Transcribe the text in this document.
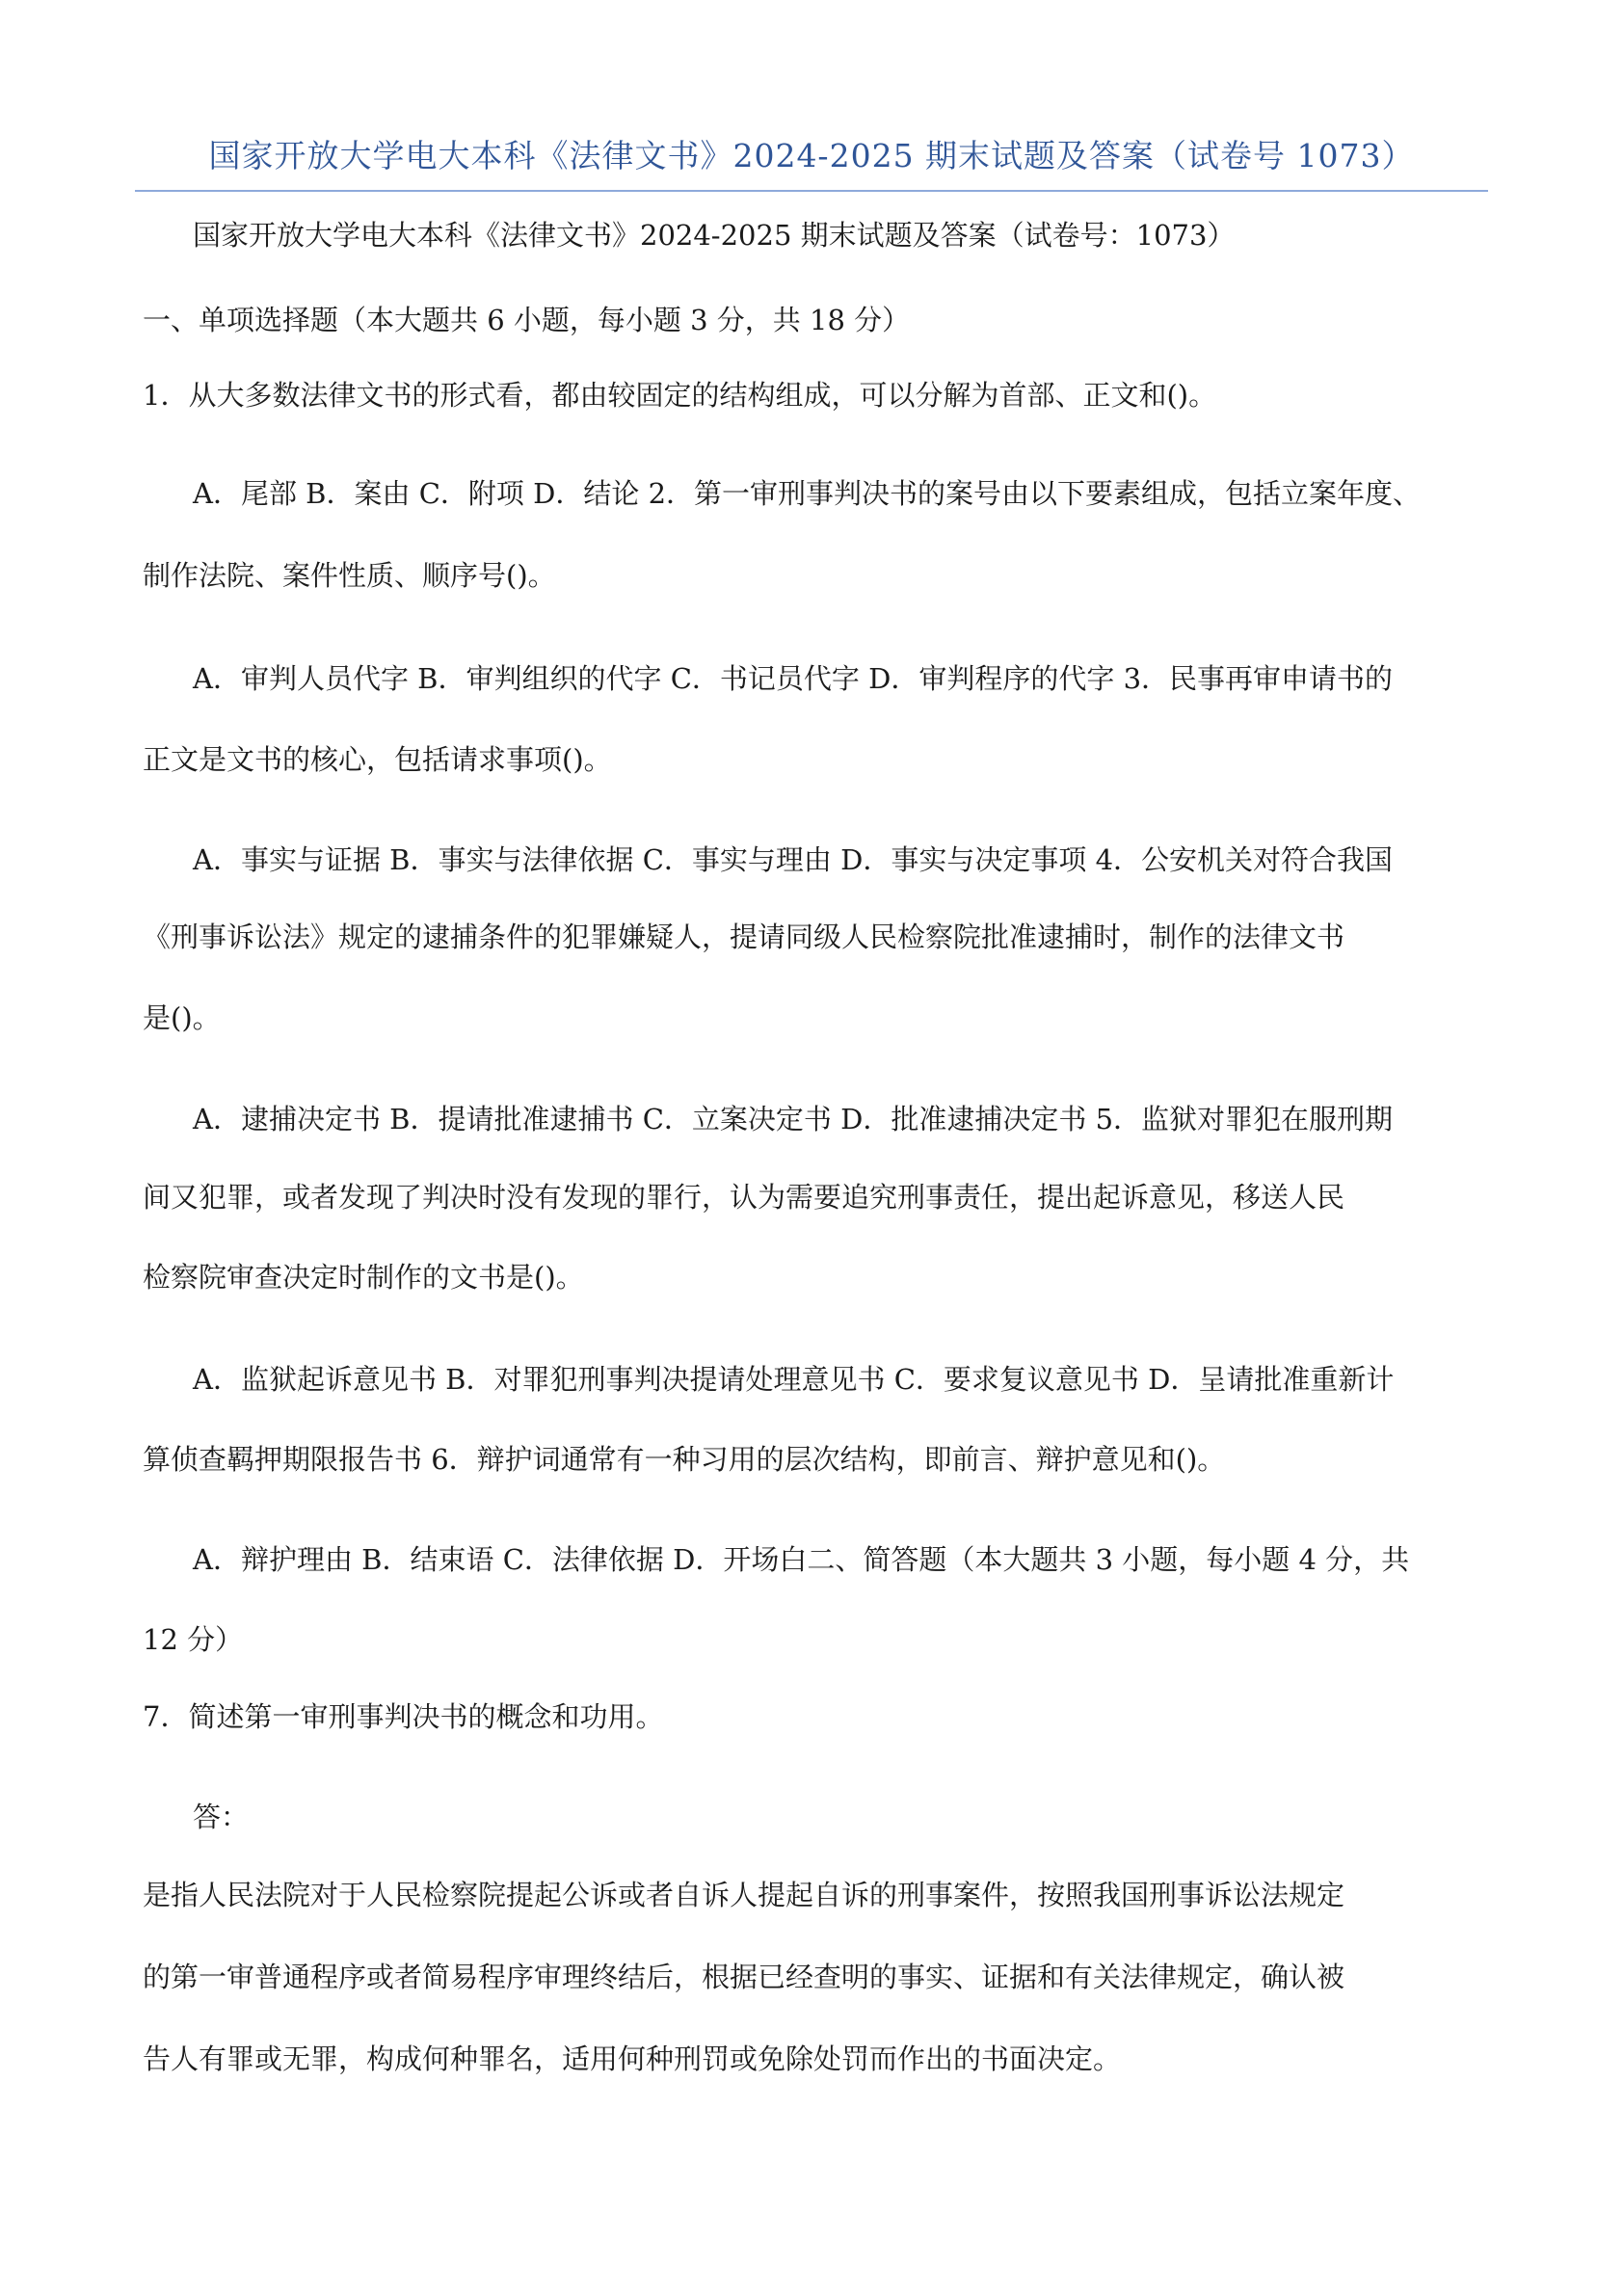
国家开放大学电大本科《法律文书》2024-2025 期末试题及答案（试卷号 1073）
国家开放大学电大本科《法律文书》2024-2025 期末试题及答案（试卷号：1073）
一、单项选择题（本大题共 6 小题，每小题 3 分，共 18 分）
1．从大多数法律文书的形式看，都由较固定的结构组成，可以分解为首部、正文和()。
A．尾部 B．案由 C．附项 D．结论 2．第一审刑事判决书的案号由以下要素组成，包括立案年度、
制作法院、案件性质、顺序号()。
A．审判人员代字 B．审判组织的代字 C．书记员代字 D．审判程序的代字 3．民事再审申请书的
正文是文书的核心，包括请求事项()。
A．事实与证据 B．事实与法律依据 C．事实与理由 D．事实与决定事项 4．公安机关对符合我国
《刑事诉讼法》规定的逮捕条件的犯罪嫌疑人，提请同级人民检察院批准逮捕时，制作的法律文书
是()。
A．逮捕决定书 B．提请批准逮捕书 C．立案决定书 D．批准逮捕决定书 5．监狱对罪犯在服刑期
间又犯罪，或者发现了判决时没有发现的罪行，认为需要追究刑事责任，提出起诉意见，移送人民
检察院审查决定时制作的文书是()。
A．监狱起诉意见书 B．对罪犯刑事判决提请处理意见书 C．要求复议意见书 D．呈请批准重新计
算侦查羁押期限报告书 6．辩护词通常有一种习用的层次结构，即前言、辩护意见和()。
A．辩护理由 B．结束语 C．法律依据 D．开场白二、简答题（本大题共 3 小题，每小题 4 分，共
12 分）
7．简述第一审刑事判决书的概念和功用。
答：
是指人民法院对于人民检察院提起公诉或者自诉人提起自诉的刑事案件，按照我国刑事诉讼法规定
的第一审普通程序或者简易程序审理终结后，根据已经查明的事实、证据和有关法律规定，确认被
告人有罪或无罪，构成何种罪名，适用何种刑罚或免除处罚而作出的书面决定。
